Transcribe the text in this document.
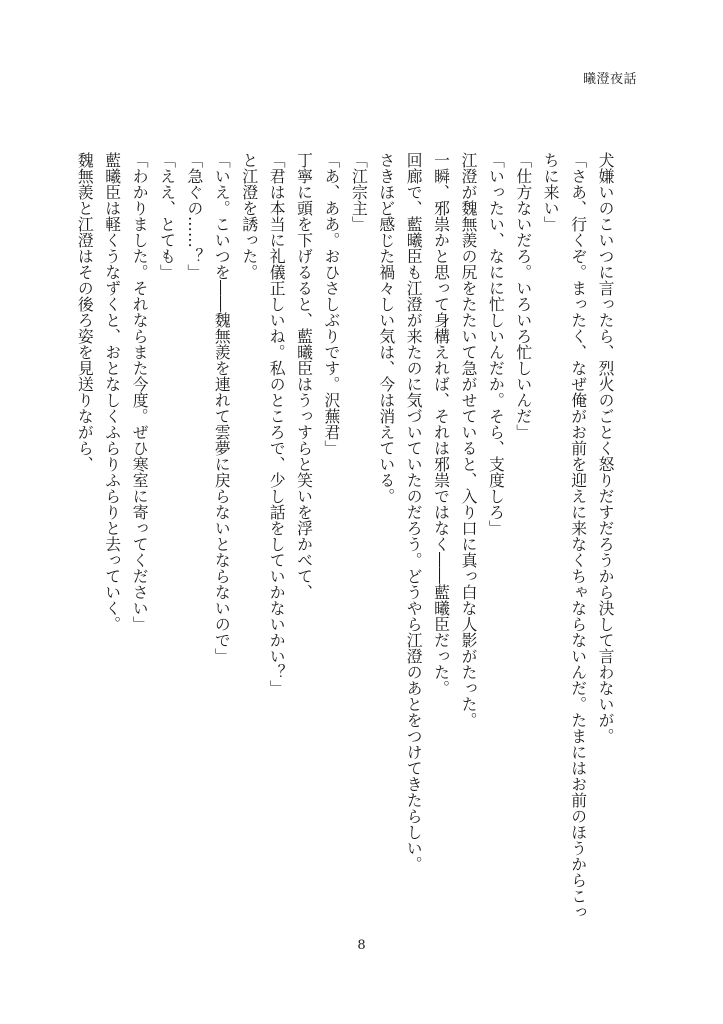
曦澄夜話

犬嫌いのこいつに言ったら、烈火のごとく怒りだすだろうから決して言わないが。

「さあ、行くぞ。まったく、なぜ俺がお前を迎えに来なくちゃならないんだ。たまにはお前のほうからこっちに来い」

「仕方ないだろ。いろいろ忙しいんだ」

「いったい、なにに忙しいんだか。そら、支度しろ」

江澄が魏無羨の尻をたたいて急がせていると、入り口に真っ白な人影がたった。

一瞬、邪祟かと思って身構えれば、それは邪祟ではなく――藍曦臣だった。

回廊で、藍曦臣も江澄が来たのに気づいていたのだろう。どうやら江澄のあとをつけてきたらしい。

さきほど感じた禍々しい気は、今は消えている。

「江宗主」

「あ、ああ。おひさしぶりです。沢蕪君」

丁寧に頭を下げるると、藍曦臣はうっすらと笑いを浮かべて、

「君は本当に礼儀正しいね。私のところで、少し話をしていかないかい？」

と江澄を誘った。

「いえ。こいつを――魏無羨を連れて雲夢に戻らないとならないので」

「急ぐの……？」

「ええ、とても」

「わかりました。それならまた今度。ぜひ寒室に寄ってください」

藍曦臣は軽くうなずくと、おとなしくふらりふらりと去っていく。

魏無羨と江澄はその後ろ姿を見送りながら、

8
